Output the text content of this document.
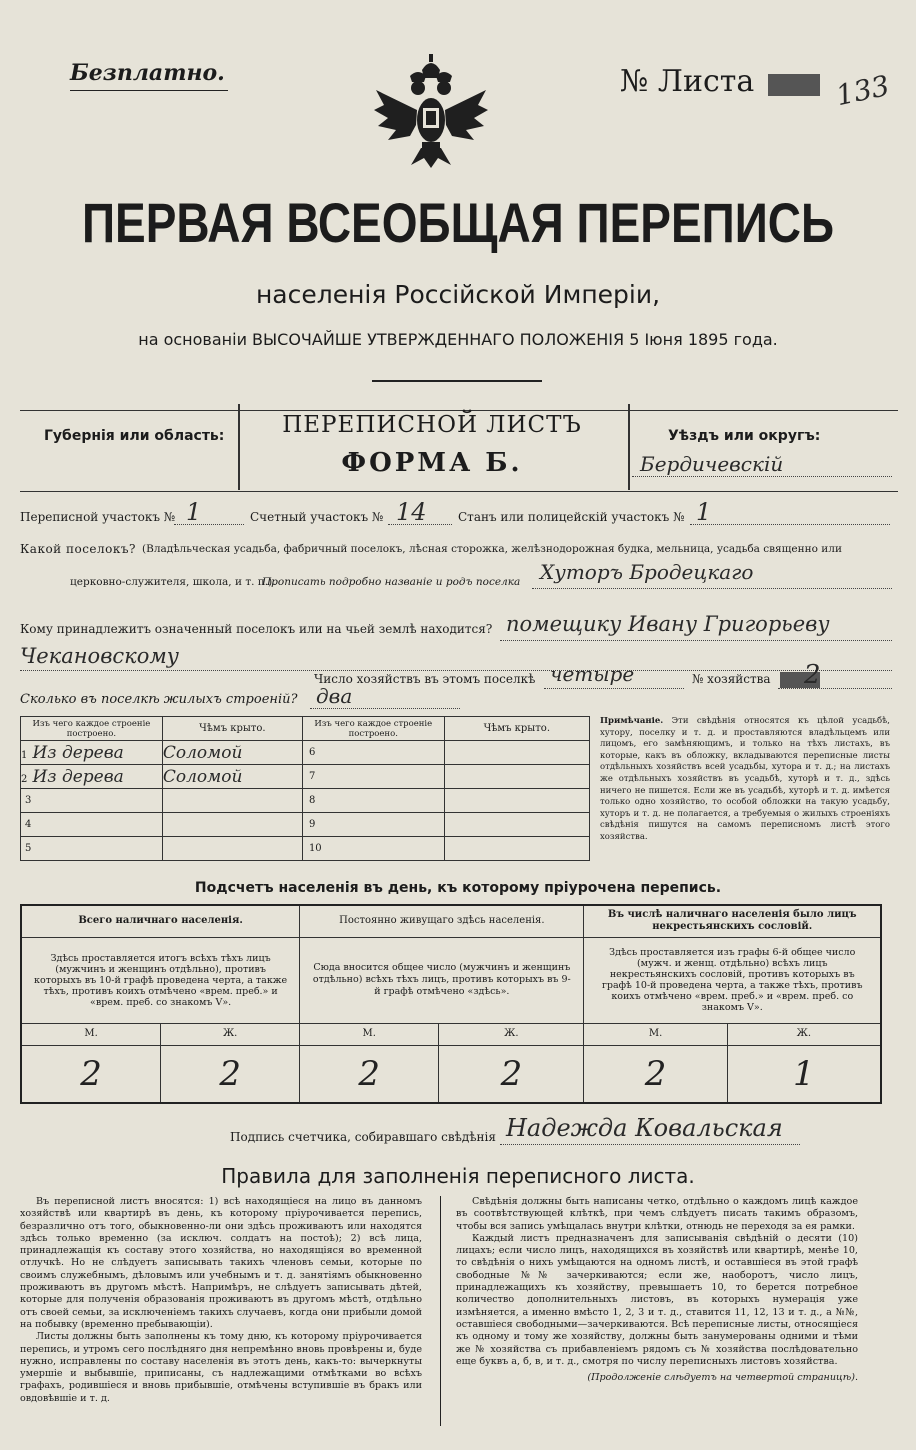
Безплатно.	№ Листа	133
ПЕРВАЯ ВСЕОБЩАЯ ПЕРЕПИСЬ
населенія Россійской Имперіи,
на основаніи ВЫСОЧАЙШЕ УТВЕРЖДЕННАГО ПОЛОЖЕНІЯ 5 Іюня 1895 года.
Губернія или область:	ПЕРЕПИСНОЙ ЛИСТЪ
ФОРМА Б.
Уѣздъ или округъ:
Бердичевскій
Переписной участокъ № 1	Счетный участокъ № 14	Станъ или полицейскій участокъ № 1
Какой поселокъ? (Владѣльческая усадьба, фабричный поселокъ, лѣсная сторожка, желѣзнодорожная будка, мельница, усадьба священно или
церковно-служителя, школа, и т. п.).
Прописать подробно названіе и родъ поселка Хуторъ Бродецкаго
Кому принадлежитъ означенный поселокъ или на чьей землѣ находится? помещику Ивану Григорьеву
Чекановскому
Число хозяйствъ въ этомъ поселкѣ четыре	№ хозяйства 2
Сколько въ поселкѣ жилыхъ строеній? два
Изъ чего каждое строеніе построено.	Чѣмъ крыто.	Изъ чего каждое строеніе построено.	Чѣмъ крыто.
1 Из дерева	Соломой	6	
2 Из дерева	Соломой	7	
3		8	
4		9	
5		10	
Примѣчаніе. Эти свѣдѣнія относятся къ цѣлой усадьбѣ, хутору, поселку и т. д. и проставляются владѣльцемъ или лицомъ, его замѣняющимъ, и только на тѣхъ листахъ, въ которые, какъ въ обложку, вкладываются переписные листы отдѣльныхъ хозяйствъ всей усадьбы, хутора и т. д.; на листахъ же отдѣльныхъ хозяйствъ въ усадьбѣ, хуторѣ и т. д., здѣсь ничего не пишется. Если же въ усадьбѣ, хуторѣ и т. д. имѣется только одно хозяйство, то особой обложки на такую усадьбу, хуторъ и т. д. не полагается, а требуемыя о жилыхъ строеніяхъ свѣдѣнія пишутся на самомъ переписномъ листѣ этого хозяйства.
Подсчетъ населенія въ день, къ которому пріурочена перепись.
Всего наличнаго населенія.		Постоянно живущаго здѣсь населенія.		Въ числѣ наличнаго населенія было лицъ некрестьянскихъ сословій.	
Здѣсь проставляется итогъ всѣхъ тѣхъ лицъ (мужчинъ и женщинъ отдѣльно), противъ которыхъ въ 10-й графѣ проведена черта, а также тѣхъ, противъ коихъ отмѣчено «врем. преб.» и «врем. преб. со знакомъ V».		Сюда вносится общее число (мужчинъ и женщинъ отдѣльно) всѣхъ тѣхъ лицъ, противъ которыхъ въ 9-й графѣ отмѣчено «здѣсь».		Здѣсь проставляется изъ графы 6-й общее число (мужч. и женщ. отдѣльно) всѣхъ лицъ некрестьянскихъ сословій, противъ которыхъ въ графѣ 10-й проведена черта, а также тѣхъ, противъ коихъ отмѣчено «врем. преб.» и «врем. преб. со знакомъ V».	
М.	Ж.	М.	Ж.	М.	Ж.
2	2	2	2	2	1
Подпись счетчика, собиравшаго свѣдѣнія Надежда Ковальская
Правила для заполненія переписного листа.

Въ переписной листъ вносятся: 1) всѣ находящіеся на лицо въ данномъ хозяйствѣ или квартирѣ въ день, къ которому пріурочивается перепись, безразлично отъ того, обыкновенно-ли они здѣсь проживаютъ или находятся здѣсь только временно (за исключ. солдатъ на постоѣ); 2) всѣ лица, принадлежащія къ составу этого хозяйства, но находящіяся во временной отлучкѣ. Но не слѣдуетъ записывать такихъ членовъ семьи, которые по своимъ служебнымъ, дѣловымъ или учебнымъ и т. д. занятіямъ обыкновенно проживаютъ въ другомъ мѣстѣ. Напримѣръ, не слѣдуетъ записывать дѣтей, которые для полученія образованія проживаютъ въ другомъ мѣстѣ, отдѣльно отъ своей семьи, за исключеніемъ такихъ случаевъ, когда они прибыли домой на побывку (временно пребывающіи).

Листы должны быть заполнены къ тому дню, къ которому пріурочивается перепись, и утромъ сего послѣдняго дня непремѣнно вновь провѣрены и, буде нужно, исправлены по составу населенія въ этотъ день, какъ-то: вычеркнуты умершіе и выбывшіе, приписаны, съ надлежащими отмѣтками во всѣхъ графахъ, родившіеся и вновь прибывшіе, отмѣчены вступившіе въ бракъ или овдовѣвшіе и т. д.

Свѣдѣнія должны быть написаны четко, отдѣльно о каждомъ лицѣ каждое въ соотвѣтствующей клѣткѣ, при чемъ слѣдуетъ писать такимъ образомъ, чтобы вся запись умѣщалась внутри клѣтки, отнюдь не переходя за ея рамки.

Каждый листъ предназначенъ для записыванія свѣдѣній о десяти (10) лицахъ; если число лицъ, находящихся въ хозяйствѣ или квартирѣ, менѣе 10, то свѣдѣнія о нихъ умѣщаются на одномъ листѣ, и оставшіеся въ этой графѣ свободные №№ зачеркиваются; если же, наоборотъ, число лицъ, принадлежащихъ къ хозяйству, превышаетъ 10, то берется потребное количество дополнительныхъ листовъ, въ которыхъ нумерація уже измѣняется, а именно вмѣсто 1, 2, 3 и т. д., ставится 11, 12, 13 и т. д., а №№, оставшіеся свободными—зачеркиваются. Всѣ переписные листы, относящіеся къ одному и тому же хозяйству, должны быть занумерованы одними и тѣми же № хозяйства съ прибавленіемъ рядомъ съ № хозяйства послѣдовательно еще буквъ а, б, в, и т. д., смотря по числу переписныхъ листовъ хозяйства.

(Продолженіе слѣдуетъ на четвертой страницѣ).
